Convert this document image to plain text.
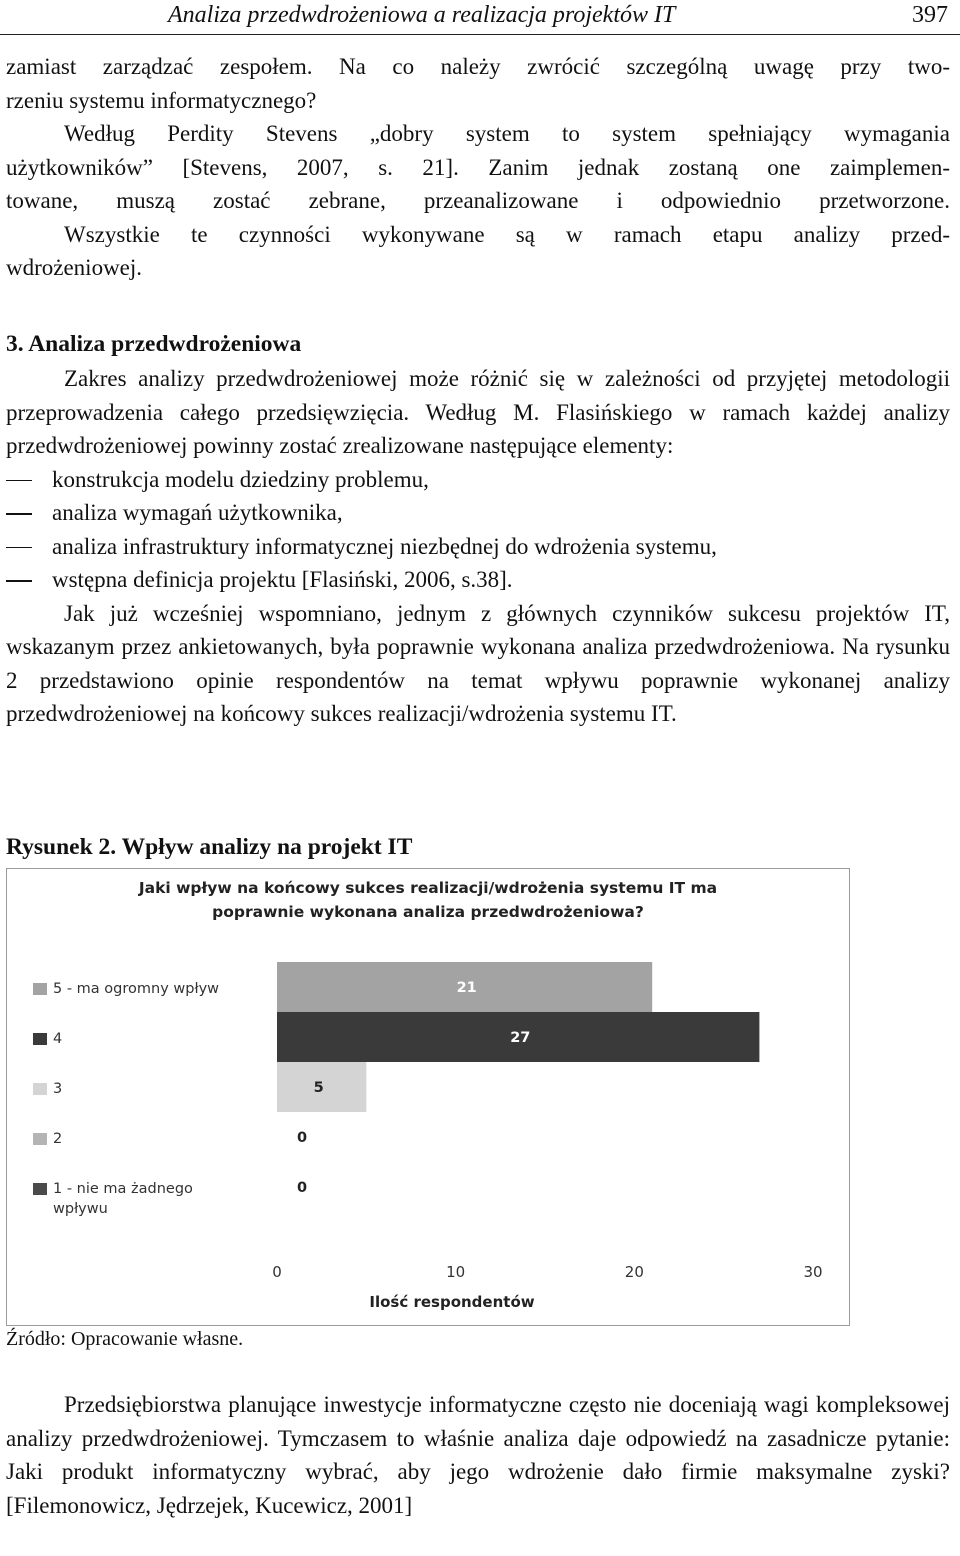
Analiza przedwdrożeniowa a realizacja projektów IT	397
zamiast zarządzać zespołem. Na co należy zwrócić szczególną uwagę przy two-
rzeniu systemu informatycznego?
Według Perdity Stevens „dobry system to system spełniający wymagania
użytkowników” [Stevens, 2007, s. 21]. Zanim jednak zostaną one zaimplemen-
towane, muszą zostać zebrane, przeanalizowane i odpowiednio przetworzone.
Wszystkie te czynności wykonywane są w ramach etapu analizy przed-
wdrożeniowej.
3. Analiza przedwdrożeniowa

Zakres analizy przedwdrożeniowej może różnić się w zależności od przyjętej metodologii przeprowadzenia całego przedsięwzięcia. Według M. Flasińskiego w ramach każdej analizy przedwdrożeniowej powinny zostać zrealizowane następujące elementy:

konstrukcja modelu dziedziny problemu,
analiza wymagań użytkownika,
analiza infrastruktury informatycznej niezbędnej do wdrożenia systemu,
wstępna definicja projektu [Flasiński, 2006, s.38].

Jak już wcześniej wspomniano, jednym z głównych czynników sukcesu projektów IT, wskazanym przez ankietowanych, była poprawnie wykonana analiza przedwdrożeniowa. Na rysunku 2 przedstawiono opinie respondentów na temat wpływu poprawnie wykonanej analizy przedwdrożeniowej na końcowy sukces realizacji/wdrożenia systemu IT.

Rysunek 2. Wpływ analizy na projekt IT
Jaki wpływ na końcowy sukces realizacji/wdrożenia systemu IT ma
poprawnie wykonana analiza przedwdrożeniowa?
5 - ma ogromny wpływ
4
3
2
1 - nie ma żadnego
wpływu
21
27
5
0
0
0	10	20	30
Ilość respondentów
Źródło: Opracowanie własne.

Przedsiębiorstwa planujące inwestycje informatyczne często nie doceniają wagi kompleksowej analizy przedwdrożeniowej. Tymczasem to właśnie analiza daje odpowiedź na zasadnicze pytanie: Jaki produkt informatyczny wybrać, aby jego wdrożenie dało firmie maksymalne zyski? [Filemonowicz, Jędrzejek, Kucewicz, 2001]
